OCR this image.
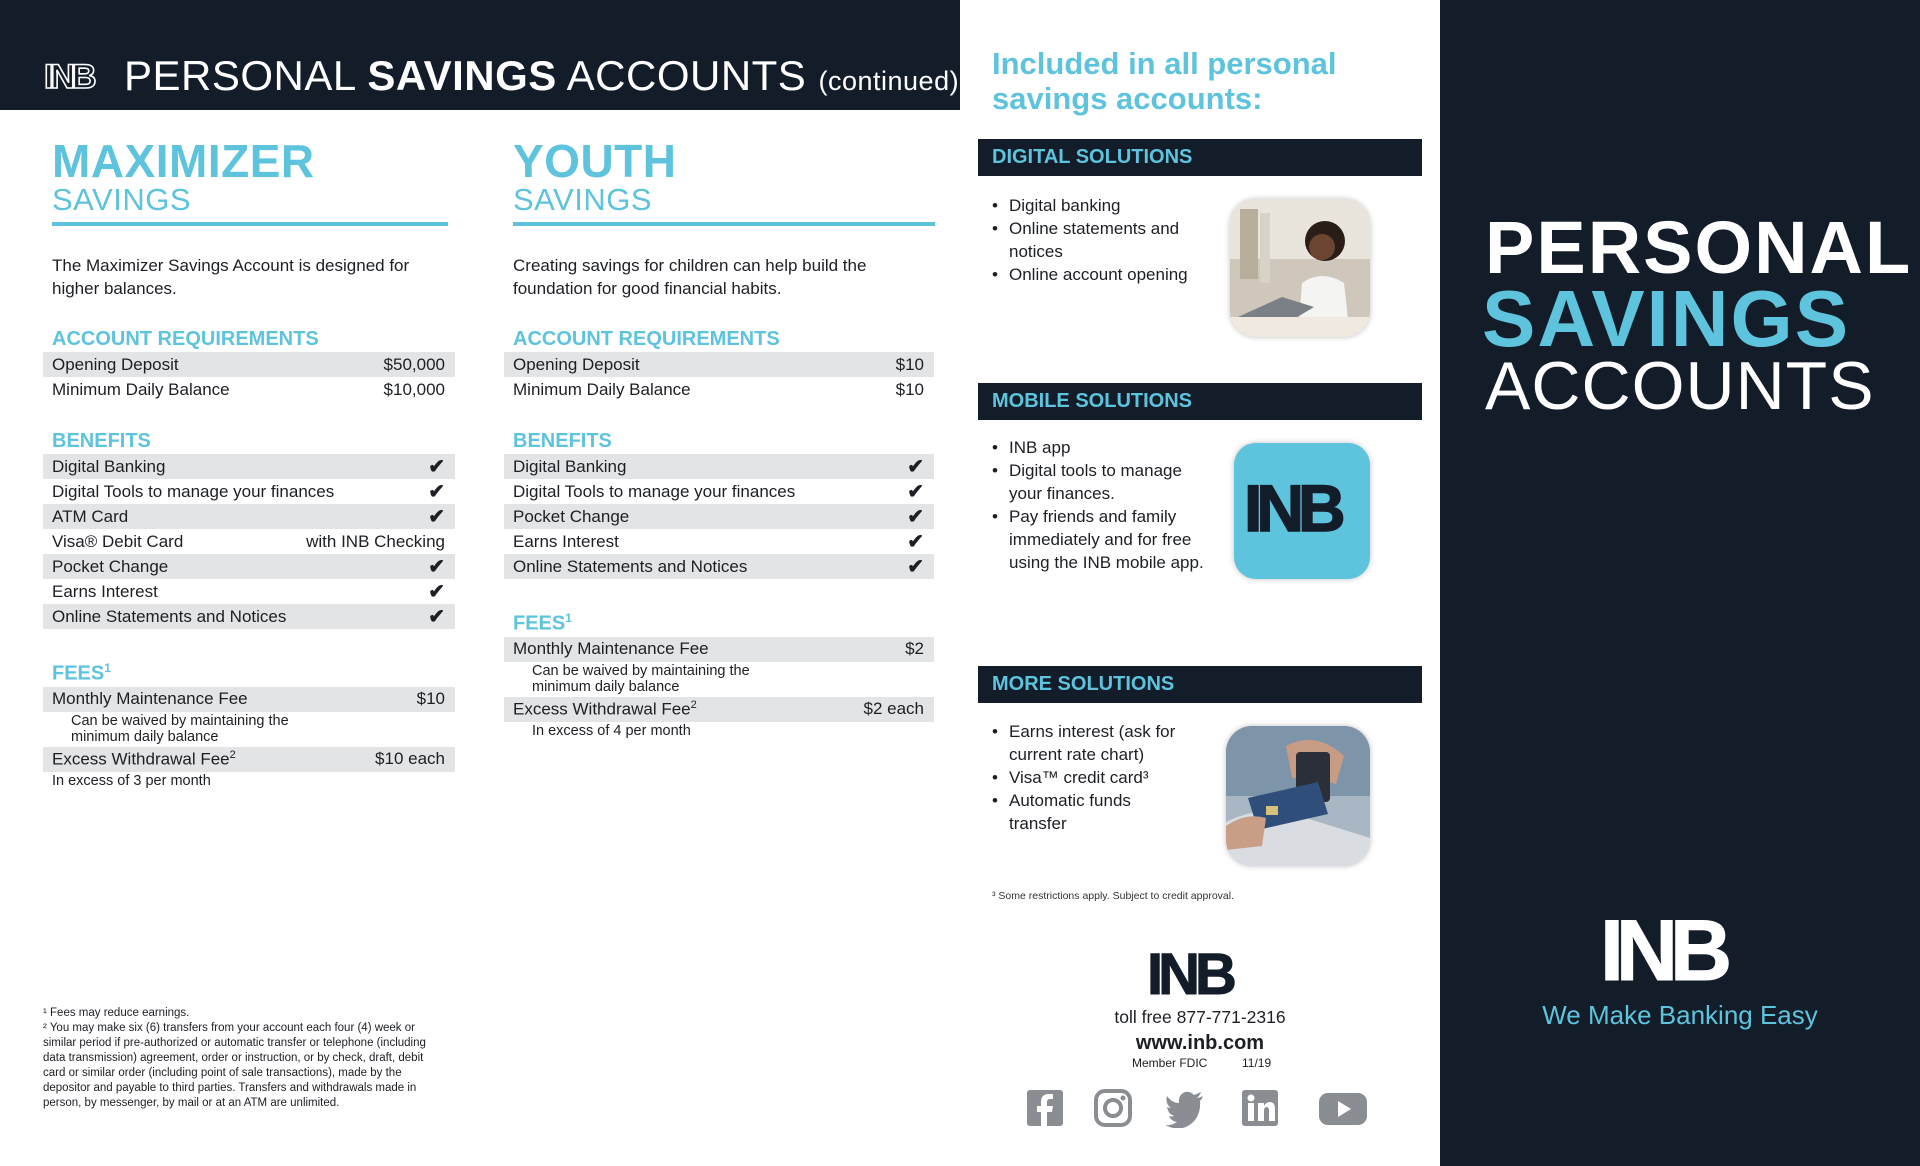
INB PERSONAL SAVINGS ACCOUNTS (continued)
MAXIMIZER
SAVINGS
The Maximizer Savings Account is designed for higher balances.
ACCOUNT REQUIREMENTS
Opening Deposit	$50,000
Minimum Daily Balance	$10,000
BENEFITS
Digital Banking	✔
Digital Tools to manage your finances	✔
ATM Card	✔
Visa® Debit Card	with INB Checking
Pocket Change	✔
Earns Interest	✔
Online Statements and Notices	✔
FEES$^1$
Monthly Maintenance Fee	$10
Can be waived by maintaining the minimum daily balance
Excess Withdrawal Fee$^2$	$10 each
In excess of 3 per month
YOUTH
SAVINGS
Creating savings for children can help build the foundation for good financial habits.
ACCOUNT REQUIREMENTS
Opening Deposit	$10
Minimum Daily Balance	$10
BENEFITS
Digital Banking	✔
Digital Tools to manage your finances	✔
Pocket Change	✔
Earns Interest	✔
Online Statements and Notices	✔
FEES$^1$
Monthly Maintenance Fee	$2
Can be waived by maintaining the minimum daily balance
Excess Withdrawal Fee$^2$	$2 each
In excess of 4 per month
¹ Fees may reduce earnings.
² You may make six (6) transfers from your account each four (4) week or similar period if pre-authorized or automatic transfer or telephone (including data transmission) agreement, order or instruction, or by check, draft, debit card or similar order (including point of sale transactions), made by the depositor and payable to third parties. Transfers and withdrawals made in person, by messenger, by mail or at an ATM are unlimited.
Included in all personal savings accounts:
DIGITAL SOLUTIONS
• Digital banking
• Online statements and notices
• Online account opening
MOBILE SOLUTIONS
• INB app
• Digital tools to manage your finances.
• Pay friends and family immediately and for free using the INB mobile app.
INB
MORE SOLUTIONS
• Earns interest (ask for current rate chart)
• Visa™ credit card³
• Automatic funds transfer
³ Some restrictions apply. Subject to credit approval.
INB
toll free 877-771-2316
www.inb.com
Member FDIC	11/19
PERSONAL
SAVINGS
ACCOUNTS
INB
We Make Banking Easy
